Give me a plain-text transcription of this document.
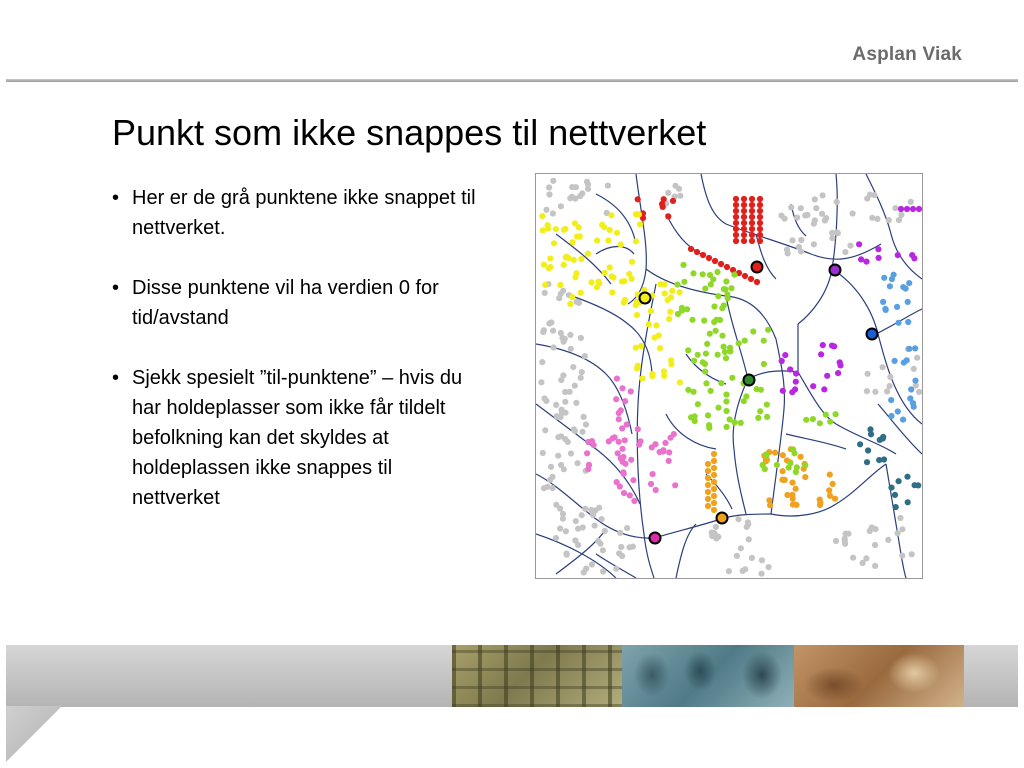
Asplan Viak
Punkt som ikke snappes til nettverket
• Her er de grå punktene ikke snappet til nettverket.
• Disse punktene vil ha verdien 0 for tid/avstand
• Sjekk spesielt ”til-punktene” – hvis du har holdeplasser som ikke får tildelt befolkning kan det skyldes at holdeplassen ikke snappes til nettverket
